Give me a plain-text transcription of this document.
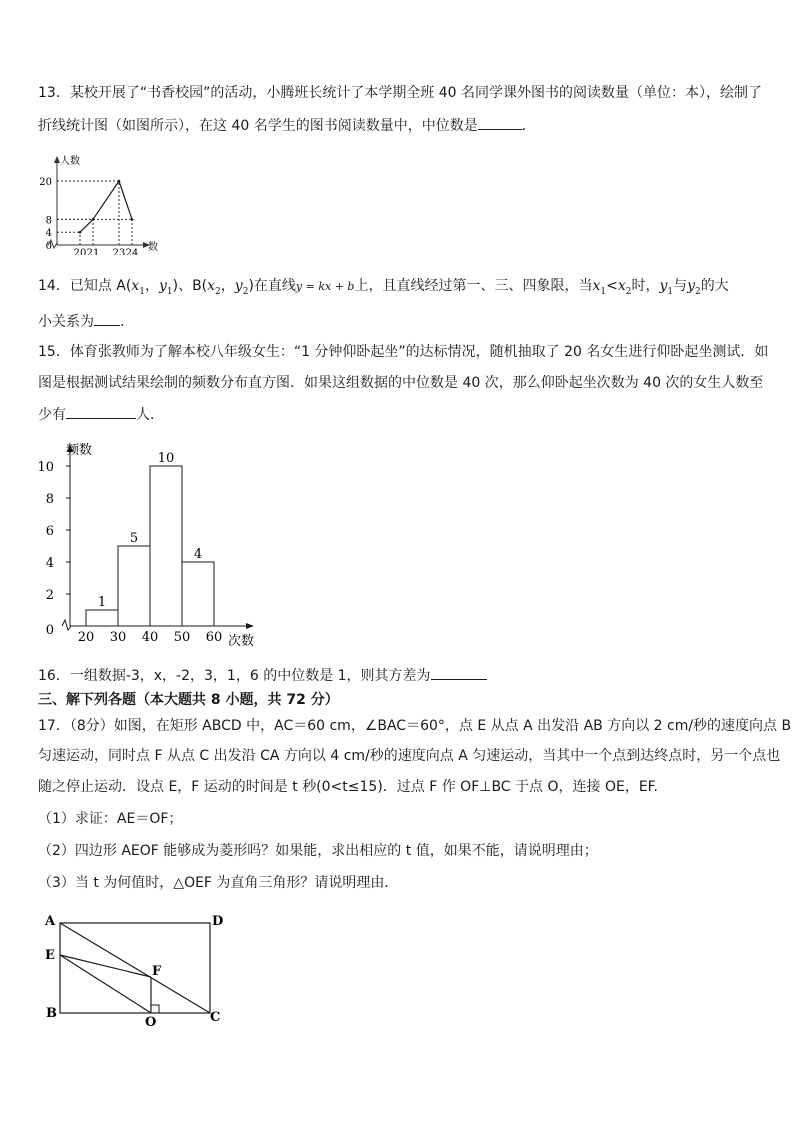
13．某校开展了“书香校园”的活动，小腾班长统计了本学期全班 40 名同学课外图书的阅读数量（单位：本），绘制了
折线统计图（如图所示），在这 40 名学生的图书阅读数量中，中位数是	．
人数
数
0
4
8
20
20 21 23 24
14．已知点 $A(x_1$，$y_1$)、$B(x_2$，$y_2$)在直线y = kx + b上，且直线经过第一、三、四象限，当$x_1<x_2$时，$y_1$与$y_2$的大
小关系为 .
15．体育张教师为了解本校八年级女生：“1 分钟仰卧起坐”的达标情况，随机抽取了 20 名女生进行仰卧起坐测试．如
图是根据测试结果绘制的频数分布直方图．如果这组数据的中位数是 40 次，那么仰卧起坐次数为 40 次的女生人数至
少有	人．
频数
次数
0
2
4
6
8
10
20 30 40 50 60
1
5
10
4
16．一组数据-3，x，-2，3，1，6 的中位数是 1，则其方差为
三、解下列各题（本大题共 8 小题，共 72 分）
17．（8分）如图，在矩形 ABCD 中，AC＝60 cm，∠BAC＝60°，点 E 从点 A 出发沿 AB 方向以 2 cm/秒的速度向点 B
匀速运动，同时点 F 从点 C 出发沿 CA 方向以 4 cm/秒的速度向点 A 匀速运动，当其中一个点到达终点时，另一个点也
随之停止运动．设点 E，F 运动的时间是 t 秒(0<t≤15)．过点 F 作 OF⊥BC 于点 O，连接 OE，EF.
（1）求证：AE＝OF；
（2）四边形 AEOF 能够成为菱形吗？如果能，求出相应的 t 值，如果不能，请说明理由；
（3）当 t 为何值时，△OEF 为直角三角形？请说明理由．
A	D
E
F
B
O	C
